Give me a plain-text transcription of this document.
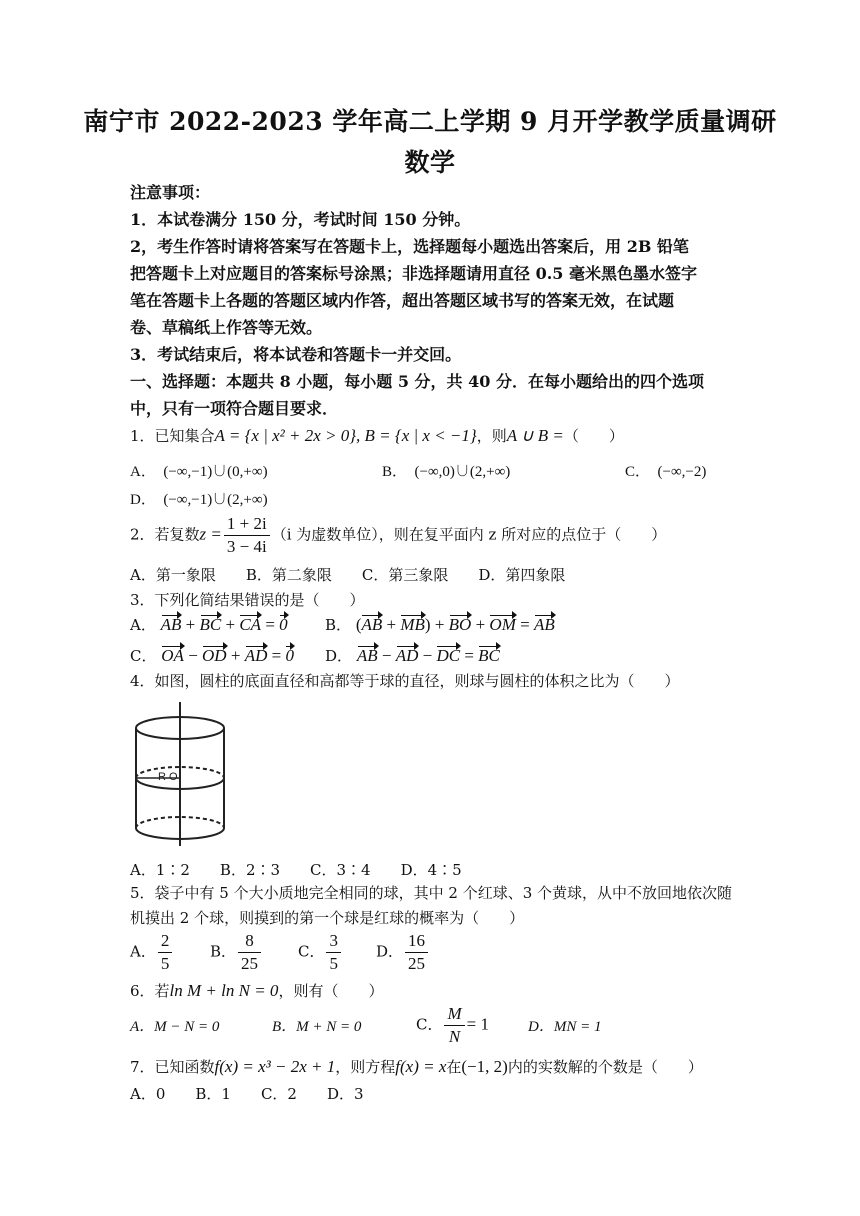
南宁市 2022-2023 学年高二上学期 9 月开学教学质量调研
数学
注意事项：
1．本试卷满分 150 分，考试时间 150 分钟。
2，考生作答时请将答案写在答题卡上，选择题每小题选出答案后，用 2B 铅笔
把答题卡上对应题目的答案标号涂黑；非选择题请用直径 0.5 毫米黑色墨水签字
笔在答题卡上各题的答题区域内作答，超出答题区域书写的答案无效，在试题
卷、草稿纸上作答等无效。
3．考试结束后，将本试卷和答题卡一并交回。
一、选择题：本题共 8 小题，每小题 5 分，共 40 分．在每小题给出的四个选项
中，只有一项符合题目要求．
1．已知集合A = {x | x² + 2x > 0}, B = {x | x < −1}，则A ∪ B =（　　）
A．　(−∞,−1)∪(0,+∞)	B．　(−∞,0)∪(2,+∞)	C．　(−∞,−2)
D．　(−∞,−1)∪(2,+∞)
2．若复数$z = \frac{1 + 2i}{3 - 4i} (i$ 为虚数单位），则在复平面内 z 所对应的点位于（　　）
A．第一象限　　B．第二象限　　C．第三象限　　D．第四象限
3．下列化简结果错误的是（　　）
A． AB + BC + CA = 0 B． (AB + MB) + BO + OM = AB
C． OA − OD + AD = 0 D． AB − AD − DC = BC
4．如图，圆柱的底面直径和高都等于球的直径，则球与圆柱的体积之比为（　　）
R O
A．1∶2　　B．2∶3　　C．3∶4　　D．4∶5
5．袋子中有 5 个大小质地完全相同的球，其中 2 个红球、3 个黄球，从中不放回地依次随
机摸出 2 个球，则摸到的第一个球是红球的概率为（　　）
A． $\frac{2}{5}$	B． $\frac{8}{25}$ C． $\frac{3}{5}$ D． $\frac{16}{25}$
6．若ln M + ln N = 0，则有（　　）
A．M − N = 0	B．M + N = 0	C． $\frac{M}{N} = 1$	D．MN = 1
7．已知函数f(x) = x³ − 2x + 1，则方程f(x) = x在(−1, 2)内的实数解的个数是（　　）
A．0　　B．1　　C．2　　D．3
